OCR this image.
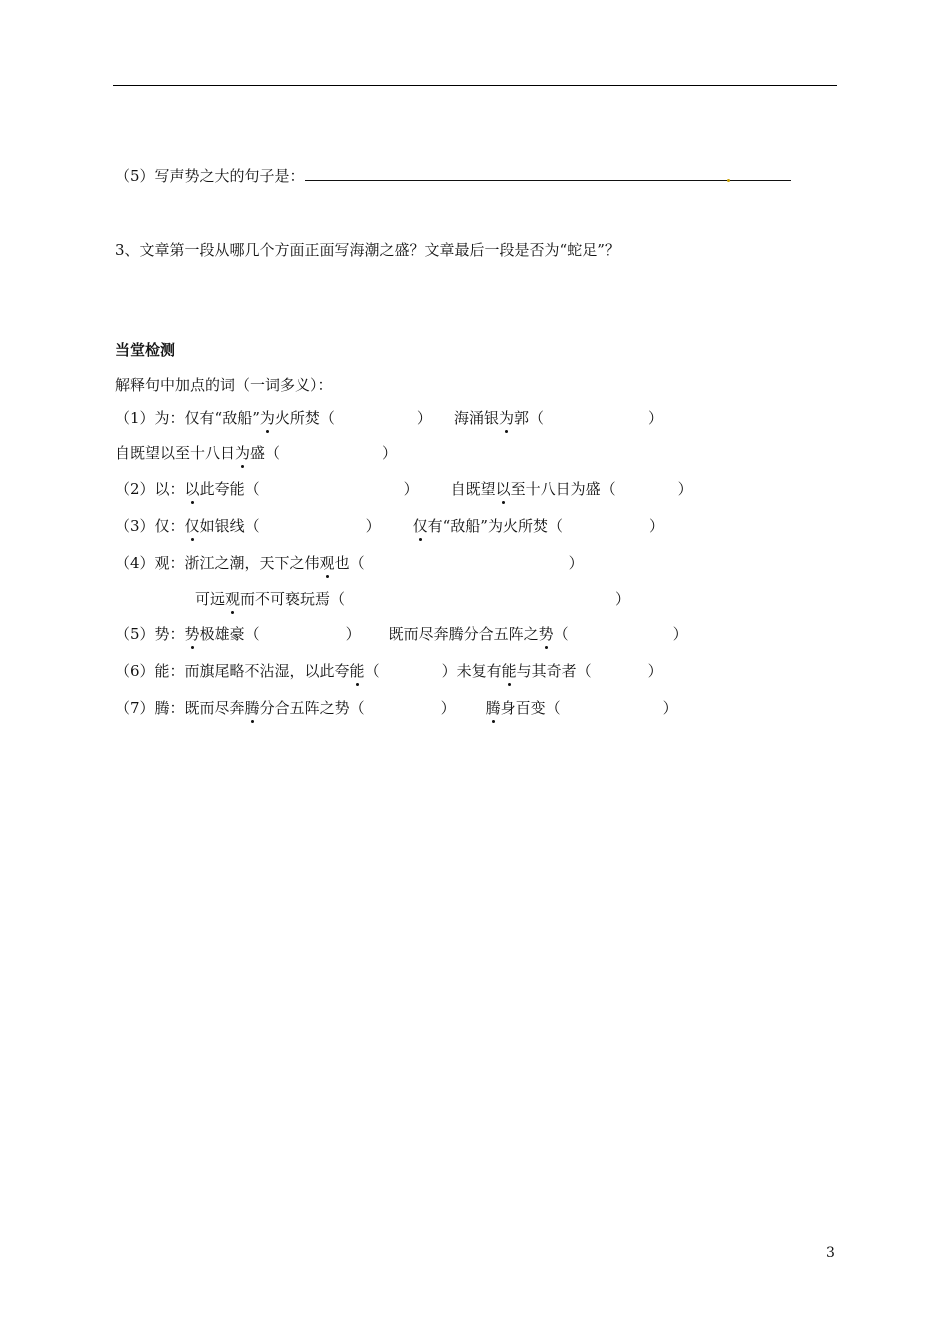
（5）写声势之大的句子是：
3、文章第一段从哪几个方面正面写海潮之盛？文章最后一段是否为“蛇足”？
当堂检测
解释句中加点的词（一词多义）：
（1）为：仅有“敌船”为火所焚（	） 海涌银为郭（	）
自既望以至十八日为盛（	）
（2）以：以此夸能（	） 自既望以至十八日为盛（	）
（3）仅：仅如银线（	） 仅有“敌船”为火所焚（	）
（4）观：浙江之潮，天下之伟观也（	）
可远观而不可亵玩焉（	）
（5）势：势极雄豪（	） 既而尽奔腾分合五阵之势（	）
（6）能：而旗尾略不沾湿，以此夸能（	）未复有能与其奇者（	）
（7）腾：既而尽奔腾分合五阵之势（	） 腾身百变（	）
3
